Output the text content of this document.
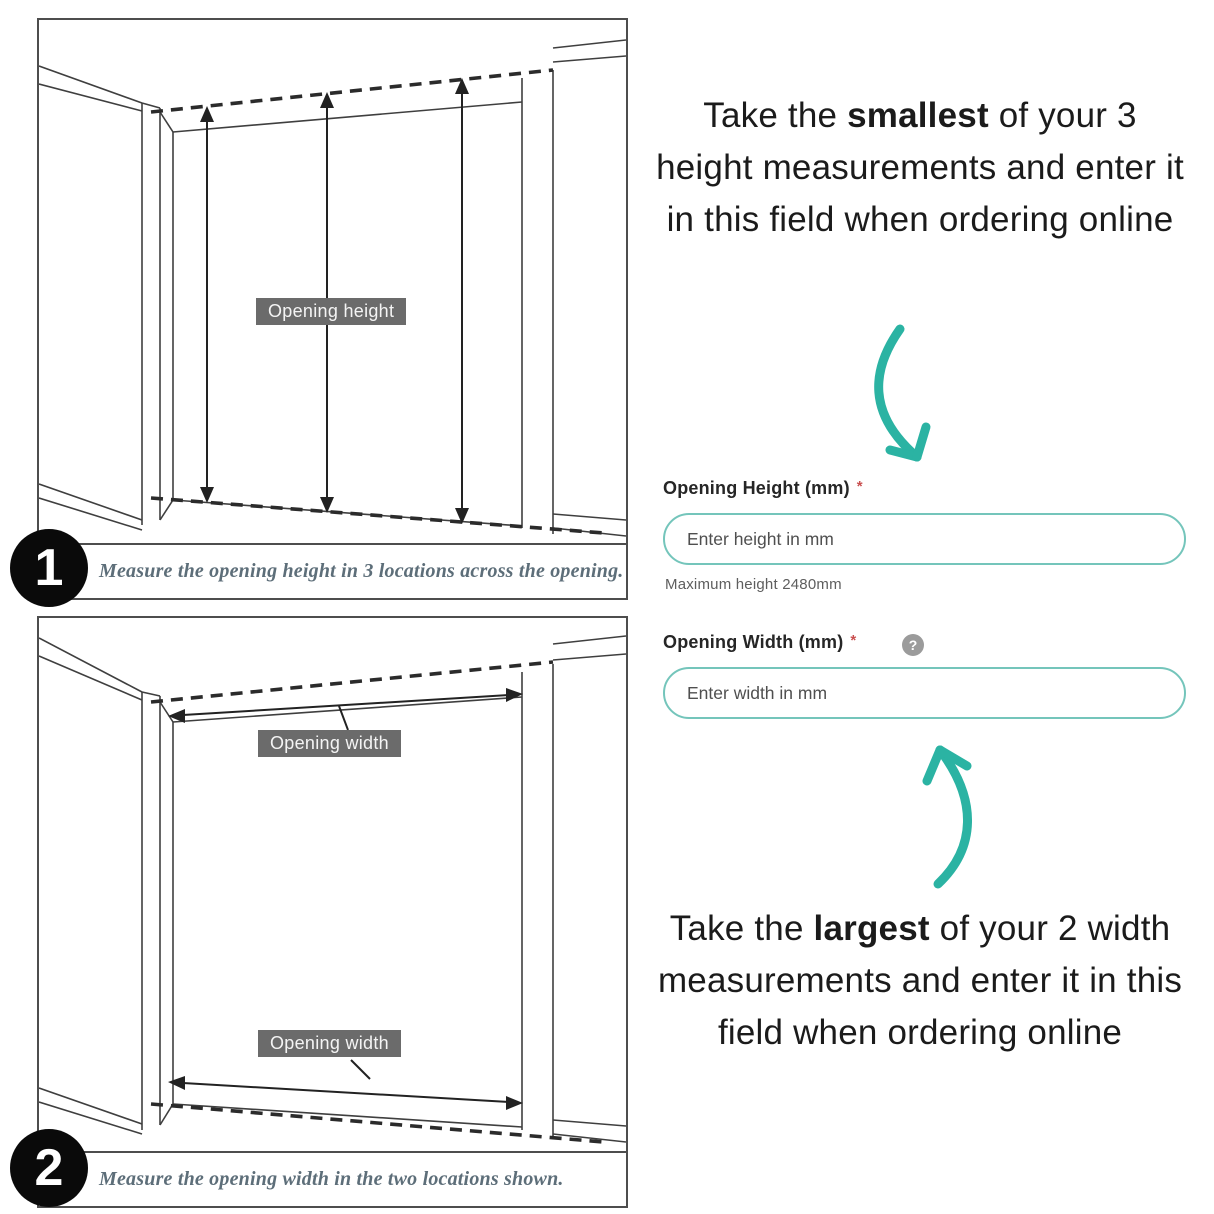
Opening height
Measure the opening height in 3 locations across the opening.
1
Opening width
Opening width
Measure the opening width in the two locations shown.
2
Take the smallest of your 3 height measurements and enter it in this field when ordering online
Opening Height (mm) *
Enter height in mm
Maximum height 2480mm
Opening Width (mm) *	?
Enter width in mm
Take the largest of your 2 width measurements and enter it in this field when ordering online
